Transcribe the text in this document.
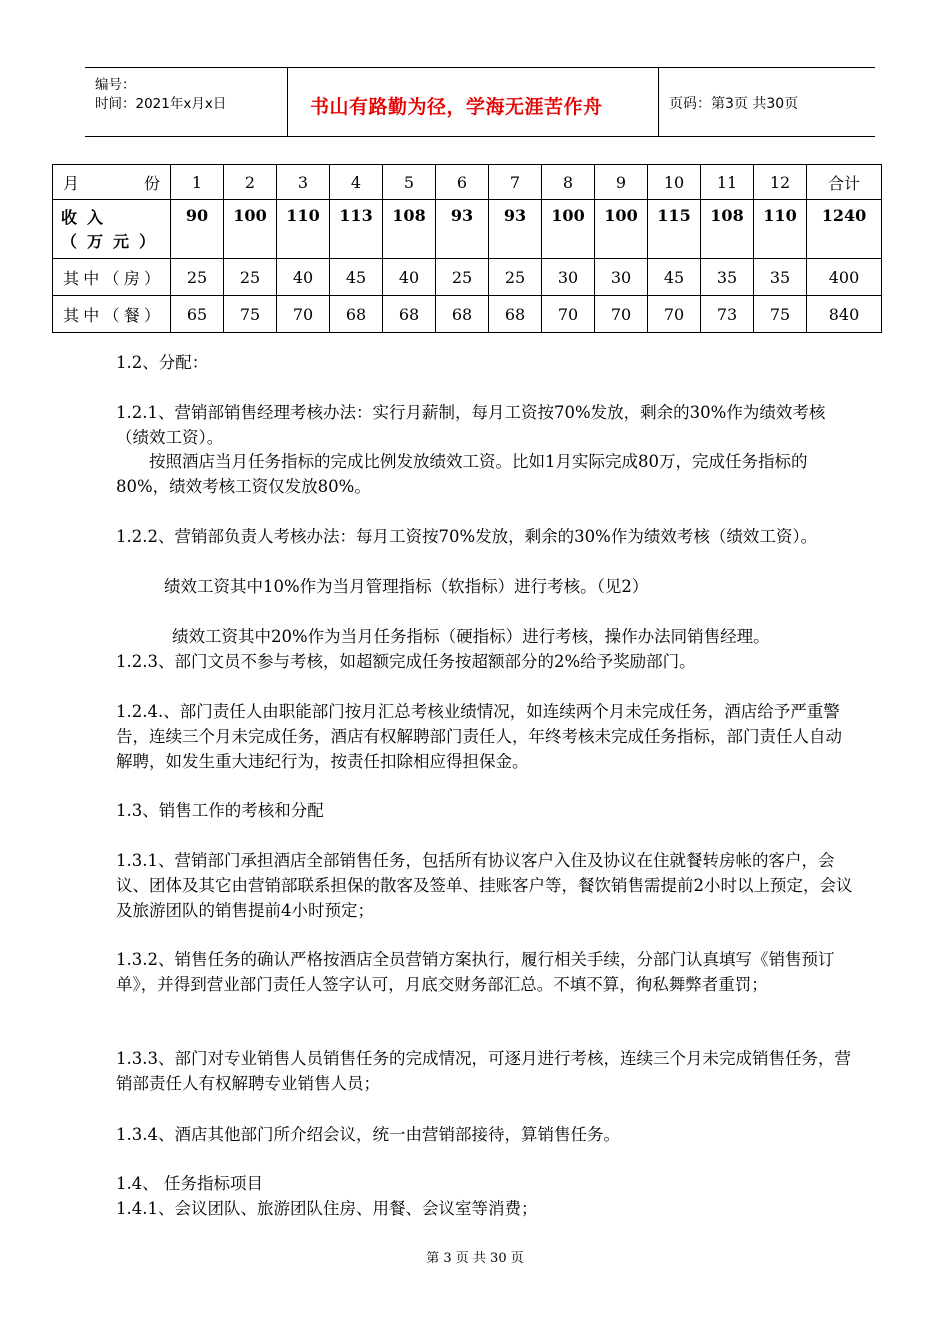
编号：
时间：2021年x月x日	书山有路勤为径，学海无涯苦作舟	页码：第3页 共30页
月份	1	2	3	4	5	6	7	8	9	10	11	12	合计
收入（万元）	90	100	110	113	108	93	93	100	100	115	108	110	1240
其中（房）	25	25	40	45	40	25	25	30	30	45	35	35	400
其中（餐）	65	75	70	68	68	68	68	70	70	70	73	75	840
1.2、分配：
1.2.1、营销部销售经理考核办法：实行月薪制，每月工资按70%发放，剩余的30%作为绩效考核（绩效工资）。
按照酒店当月任务指标的完成比例发放绩效工资。比如1月实际完成80万，完成任务指标的80%，绩效考核工资仅发放80%。
1.2.2、营销部负责人考核办法：每月工资按70%发放，剩余的30%作为绩效考核（绩效工资）。
绩效工资其中10%作为当月管理指标（软指标）进行考核。（见2）
绩效工资其中20%作为当月任务指标（硬指标）进行考核，操作办法同销售经理。
1.2.3、部门文员不参与考核，如超额完成任务按超额部分的2%给予奖励部门。
1.2.4.、部门责任人由职能部门按月汇总考核业绩情况，如连续两个月未完成任务，酒店给予严重警告，连续三个月未完成任务，酒店有权解聘部门责任人，年终考核未完成任务指标，部门责任人自动解聘，如发生重大违纪行为，按责任扣除相应得担保金。
1.3、销售工作的考核和分配
1.3.1、营销部门承担酒店全部销售任务，包括所有协议客户入住及协议在住就餐转房帐的客户，会议、团体及其它由营销部联系担保的散客及签单、挂账客户等，餐饮销售需提前2小时以上预定，会议及旅游团队的销售提前4小时预定；
1.3.2、销售任务的确认严格按酒店全员营销方案执行，履行相关手续，分部门认真填写《销售预订单》，并得到营业部门责任人签字认可，月底交财务部汇总。不填不算，徇私舞弊者重罚；
1.3.3、部门对专业销售人员销售任务的完成情况，可逐月进行考核，连续三个月未完成销售任务，营销部责任人有权解聘专业销售人员；
1.3.4、酒店其他部门所介绍会议，统一由营销部接待，算销售任务。
1.4、 任务指标项目
1.4.1、会议团队、旅游团队住房、用餐、会议室等消费；
第 3 页 共 30 页
